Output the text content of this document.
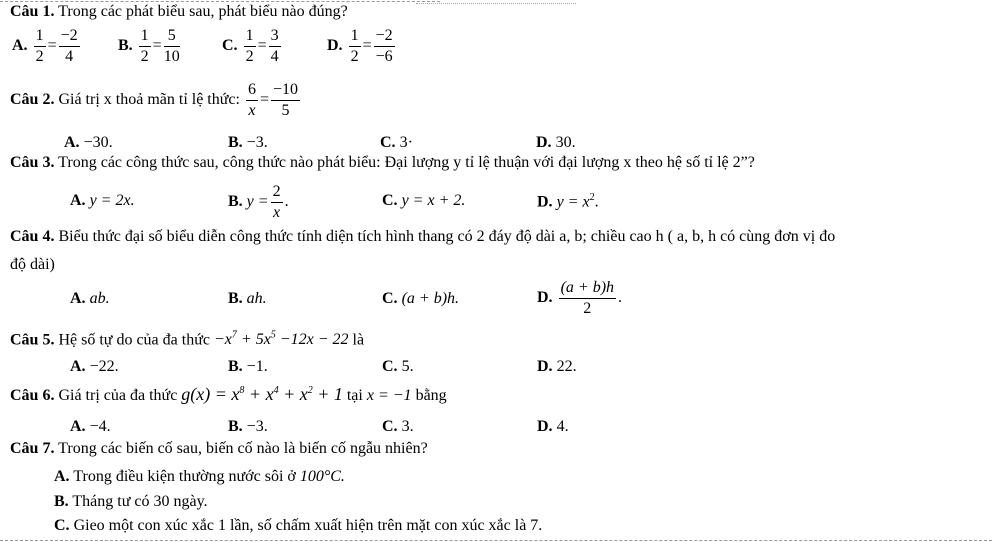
Câu 1. Trong các phát biểu sau, phát biểu nào đúng?
A. $\frac{1}{2} = \frac{-2}{4} B$. $\frac{1}{2} = \frac{5}{10}$	C. $\frac{1}{2} = \frac{3}{4}$	D. $\frac{1}{2} = \frac{-2}{-6}$
Câu 2. Giá trị x thoả mãn tỉ lệ thức: $\frac{6}{x} = \frac{-10}{5}$
A. −30.	B. −3.	C. 3·	D. 30.
Câu 3. Trong các công thức sau, công thức nào phát biểu: Đại lượng y tỉ lệ thuận với đại lượng x theo hệ số tỉ lệ 2”?
A. y = 2x.	B. $y = \frac{2}{x}$ .	C. y = x + 2.	D. $y = x^2$.
Câu 4. Biểu thức đại số biểu diễn công thức tính diện tích hình thang có 2 đáy độ dài a, b; chiều cao h ( a, b, h có cùng đơn vị đo
độ dài)
A. ab.	B. ah.	C. (a + b)h.	D. $\frac{(a + b)h}{2}$ .
Câu 5. Hệ số tự do của đa thức $-x^7 + 5x^5 -12x - 22$ là
A. −22.	B. −1.	C. 5.	D. 22.
Câu 6. Giá trị của đa thức $g(x) = x^8 + x^4 + x^2 + 1$ tại x = −1 bằng
A. −4.	B. −3.	C. 3.	D. 4.
Câu 7. Trong các biến cố sau, biến cố nào là biến cố ngẫu nhiên?
A. Trong điều kiện thường nước sôi ở 100°C.
B. Tháng tư có 30 ngày.
C. Gieo một con xúc xắc 1 lần, số chấm xuất hiện trên mặt con xúc xắc là 7.
